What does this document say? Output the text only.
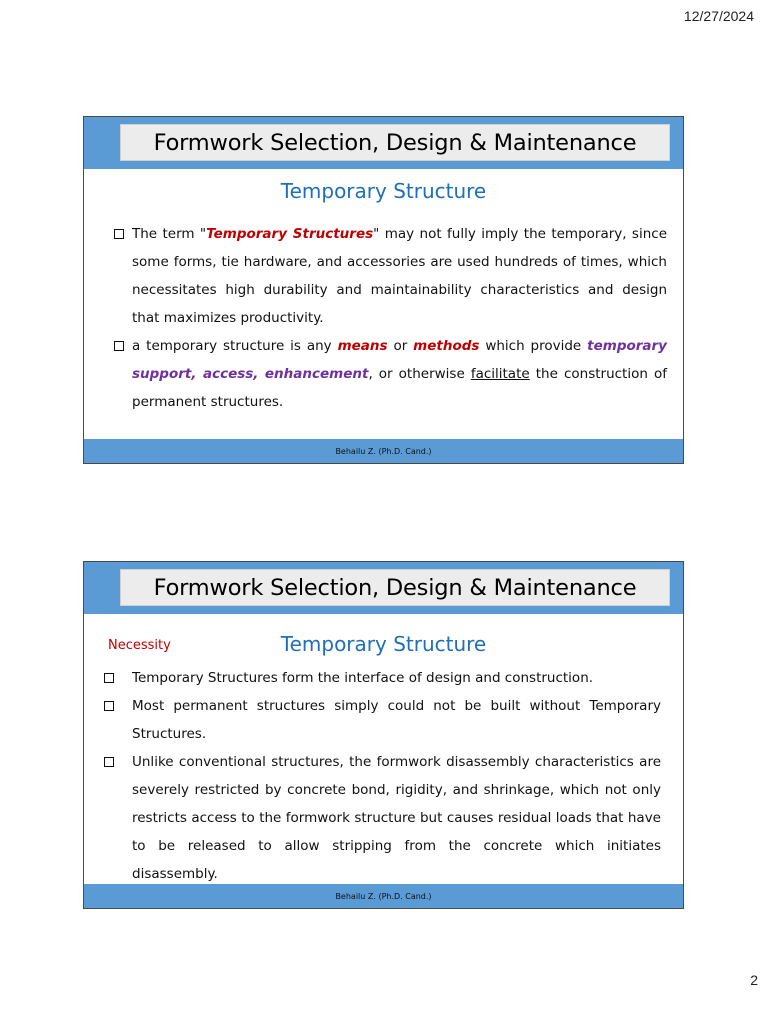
12/27/2024
Formwork Selection, Design & Maintenance
Temporary Structure
The term "Temporary Structures" may not fully imply the temporary, since some forms, tie hardware, and accessories are used hundreds of times, which necessitates high durability and maintainability characteristics and design that maximizes productivity.
a temporary structure is any means or methods which provide temporary support, access, enhancement, or otherwise facilitate the construction of permanent structures.
Behailu Z. (Ph.D. Cand.)
Formwork Selection, Design & Maintenance
Necessity	Temporary Structure
Temporary Structures form the interface of design and construction.
Most permanent structures simply could not be built without Temporary Structures.
Unlike conventional structures, the formwork disassembly characteristics are severely restricted by concrete bond, rigidity, and shrinkage, which not only restricts access to the formwork structure but causes residual loads that have to be released to allow stripping from the concrete which initiates disassembly.
Behailu Z. (Ph.D. Cand.)
2
